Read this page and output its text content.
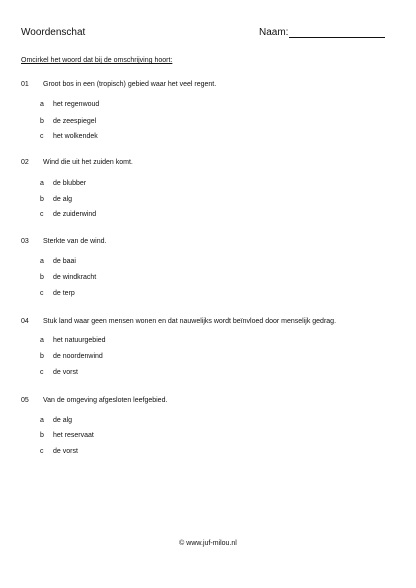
Woordenschat	Naam:
Omcirkel het woord dat bij de omschrijving hoort:
01 Groot bos in een (tropisch) gebied waar het veel regent.
a het regenwoud
b de zeespiegel
c het wolkendek
02 Wind die uit het zuiden komt.
a de blubber
b de alg
c de zuiderwind
03 Sterkte van de wind.
a de baai
b de windkracht
c de terp
04 Stuk land waar geen mensen wonen en dat nauwelijks wordt beïnvloed door menselijk gedrag.
a het natuurgebied
b de noordenwind
c de vorst
05 Van de omgeving afgesloten leefgebied.
a de alg
b het reservaat
c de vorst
© www.juf-milou.nl
